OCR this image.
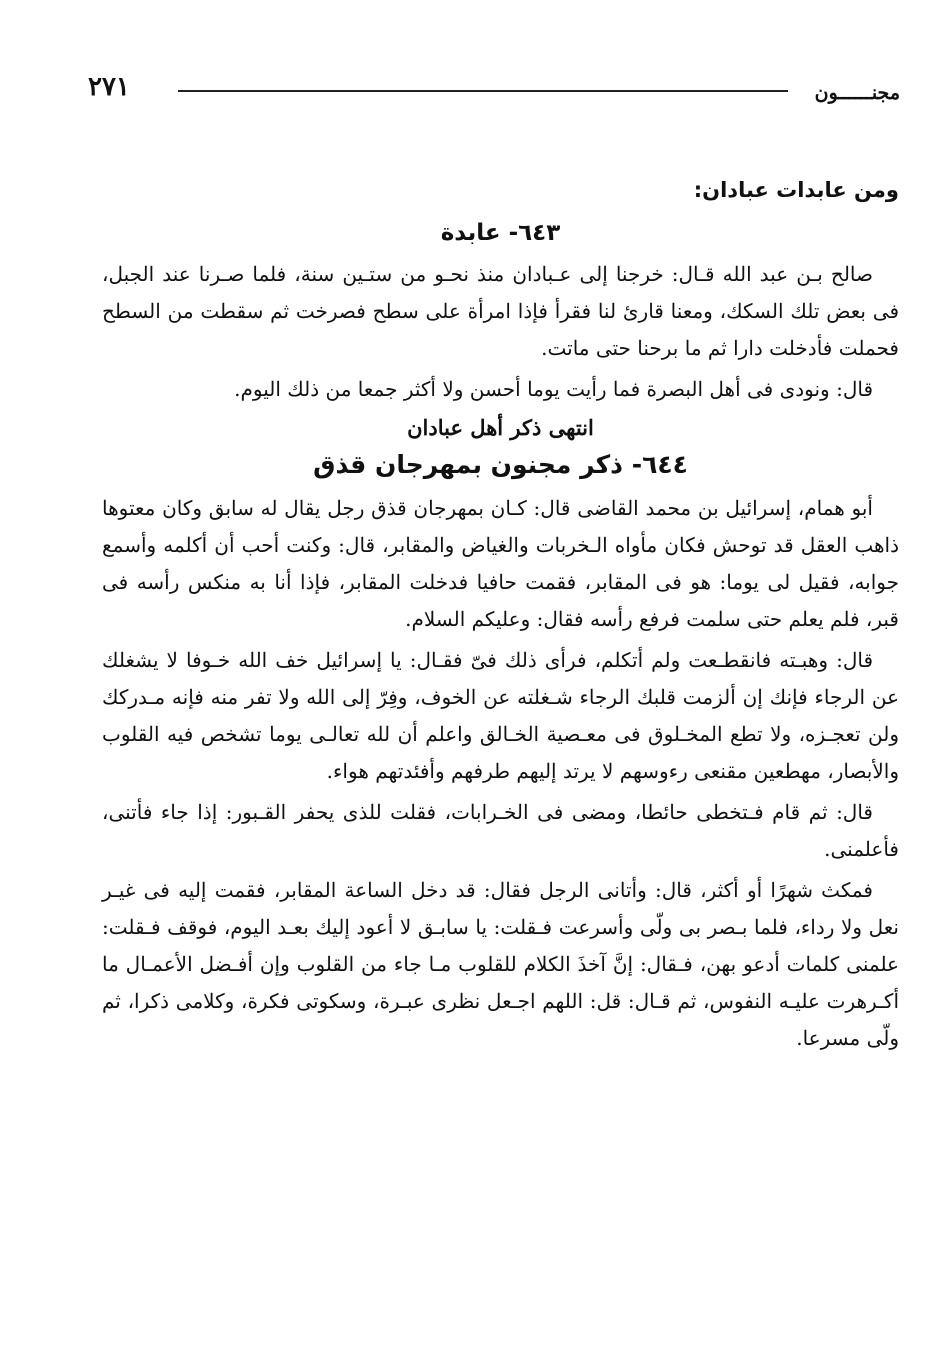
مجنــــــون
٢٧١
ومن عابدات عبادان:
٦٤٣- عابدة

صالح بـن عبد الله قـال: خرجنا إلى عـبادان منذ نحـو من ستـين سنة، فلما صـرنا عند الجبل، فى بعض تلك السكك، ومعنا قارئ لنا فقرأ فإذا امرأة على سطح فصرخت ثم سقطت من السطح فحملت فأدخلت دارا ثم ما برحنا حتى ماتت.

قال: ونودى فى أهل البصرة فما رأيت يوما أحسن ولا أكثر جمعا من ذلك اليوم.

انتهى ذكر أهل عبادان
٦٤٤- ذكر مجنون بمهرجان قذق

أبو همام، إسرائيل بن محمد القاضى قال: كـان بمهرجان قذق رجل يقال له سابق وكان معتوها ذاهب العقل قد توحش فكان مأواه الـخربات والغياض والمقابر، قال: وكنت أحب أن أكلمه وأسمع جوابه، فقيل لى يوما: هو فى المقابر، فقمت حافيا فدخلت المقابر، فإذا أنا به منكس رأسه فى قبر، فلم يعلم حتى سلمت فرفع رأسه فقال: وعليكم السلام.

قال: وهبـته فانقطـعت ولم أتكلم، فرأى ذلك فىّ فقـال: يا إسرائيل خف الله خـوفا لا يشغلك عن الرجاء فإنك إن ألزمت قلبك الرجاء شـغلته عن الخوف، وفِرّ إلى الله ولا تفر منه فإنه مـدركك ولن تعجـزه، ولا تطع المخـلوق فى معـصية الخـالق واعلم أن لله تعالـى يوما تشخص فيه القلوب والأبصار، مهطعين مقنعى رءوسهم لا يرتد إليهم طرفهم وأفئدتهم هواء.

قال: ثم قام فـتخطى حائطا، ومضى فى الخـرابات، فقلت للذى يحفر القـبور: إذا جاء فأتنى، فأعلمنى.

فمكث شهرًا أو أكثر، قال: وأتانى الرجل فقال: قد دخل الساعة المقابر، فقمت إليه فى غيـر نعل ولا رداء، فلما بـصر بى ولّى وأسرعت فـقلت: يا سابـق لا أعود إليك بعـد اليوم، فوقف فـقلت: علمنى كلمات أدعو بهن، فـقال: إنَّ آخذَ الكلام للقلوب مـا جاء من القلوب وإن أفـضل الأعمـال ما أكـرهرت عليـه النفوس، ثم قـال: قل: اللهم اجـعل نظرى عبـرة، وسكوتى فكرة، وكلامى ذكرا، ثم ولّى مسرعا.
